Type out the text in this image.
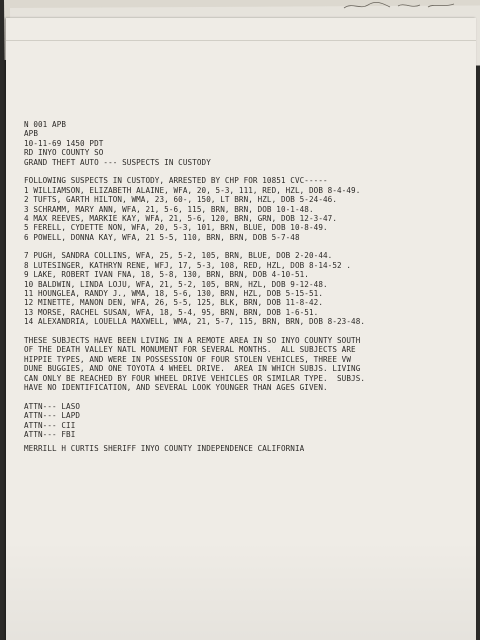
N 001 APB
APB
10-11-69 1450 PDT
RD INYO COUNTY SO
GRAND THEFT AUTO --- SUSPECTS IN CUSTODY
FOLLOWING SUSPECTS IN CUSTODY, ARRESTED BY CHP FOR 10851 CVC-----
1 WILLIAMSON, ELIZABETH ALAINE, WFA, 20, 5-3, 111, RED, HZL, DOB 8-4-49.
2 TUFTS, GARTH HILTON, WMA, 23, 60-, 150, LT BRN, HZL, DOB 5-24-46.
3 SCHRAMM, MARY ANN, WFA, 21, 5-6, 115, BRN, BRN, DOB 10-1-48.
4 MAX REEVES, MARKIE KAY, WFA, 21, 5-6, 120, BRN, GRN, DOB 12-3-47.
5 FERELL, CYDETTE NON, WFA, 20, 5-3, 101, BRN, BLUE, DOB 10-8-49.
6 POWELL, DONNA KAY, WFA, 21 5-5, 110, BRN, BRN, DOB 5-7-48
7 PUGH, SANDRA COLLINS, WFA, 25, 5-2, 105, BRN, BLUE, DOB 2-20-44.
8 LUTESINGER, KATHRYN RENE, WFJ, 17, 5-3, 108, RED, HZL, DOB 8-14-52 .
9 LAKE, ROBERT IVAN FNA, 18, 5-8, 130, BRN, BRN, DOB 4-10-51.
10 BALDWIN, LINDA LOJU, WFA, 21, 5-2, 105, BRN, HZL, DOB 9-12-48.
11 HOUNGLEA, RANDY J., WMA, 18, 5-6, 130, BRN, HZL, DOB 5-15-51.
12 MINETTE, MANON DEN, WFA, 26, 5-5, 125, BLK, BRN, DOB 11-8-42.
13 MORSE, RACHEL SUSAN, WFA, 18, 5-4, 95, BRN, BRN, DOB 1-6-51.
14 ALEXANDRIA, LOUELLA MAXWELL, WMA, 21, 5-7, 115, BRN, BRN, DOB 8-23-48.
THESE SUBJECTS HAVE BEEN LIVING IN A REMOTE AREA IN SO INYO COUNTY SOUTH
OF THE DEATH VALLEY NATL MONUMENT FOR SEVERAL MONTHS.  ALL SUBJECTS ARE
HIPPIE TYPES, AND WERE IN POSSESSION OF FOUR STOLEN VEHICLES, THREE VW
DUNE BUGGIES, AND ONE TOYOTA 4 WHEEL DRIVE.  AREA IN WHICH SUBJS. LIVING
CAN ONLY BE REACHED BY FOUR WHEEL DRIVE VEHICLES OR SIMILAR TYPE.  SUBJS.
HAVE NO IDENTIFICATION, AND SEVERAL LOOK YOUNGER THAN AGES GIVEN.
ATTN--- LASO
ATTN--- LAPD
ATTN--- CII
ATTN--- FBI
MERRILL H CURTIS SHERIFF INYO COUNTY INDEPENDENCE CALIFORNIA
